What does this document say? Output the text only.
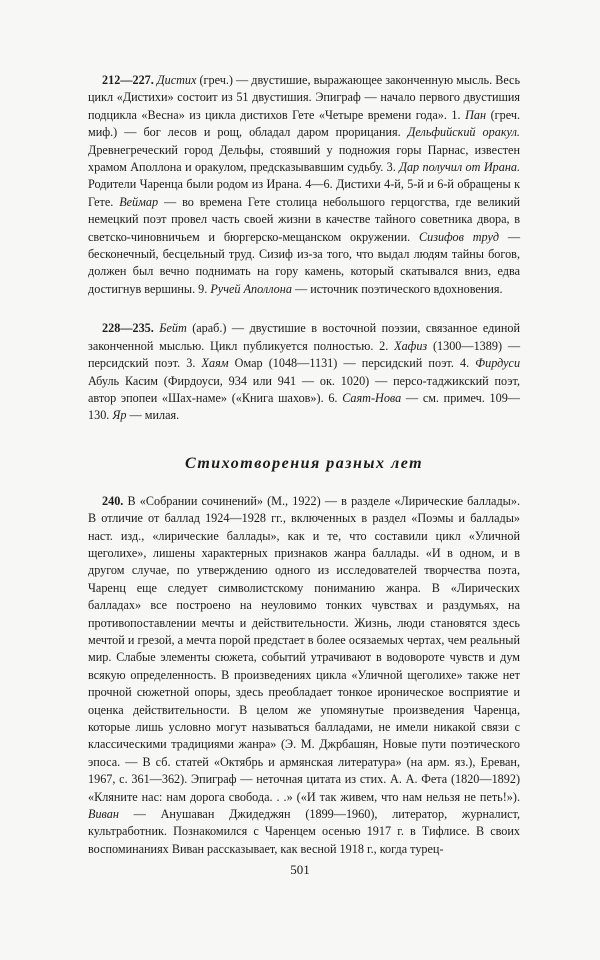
212—227. Дистих (греч.) — двустишие, выражающее законченную мысль. Весь цикл «Дистихи» состоит из 51 двустишия. Эпиграф — начало первого двустишия подцикла «Весна» из цикла дистихов Гете «Четыре времени года». 1. Пан (греч. миф.) — бог лесов и рощ, обладал даром прорицания. Дельфийский оракул. Древнегреческий город Дельфы, стоявший у подножия горы Парнас, известен храмом Аполлона и оракулом, предсказывавшим судьбу. 3. Дар получил от Ирана. Родители Чаренца были родом из Ирана. 4—6. Дистихи 4-й, 5-й и 6-й обращены к Гете. Веймар — во времена Гете столица небольшого герцогства, где великий немецкий поэт провел часть своей жизни в качестве тайного советника двора, в светско-чиновничьем и бюргерско-мещанском окружении. Сизифов труд — бесконечный, бесцельный труд. Сизиф из-за того, что выдал людям тайны богов, должен был вечно поднимать на гору камень, который скатывался вниз, едва достигнув вершины. 9. Ручей Аполлона — источник поэтического вдохновения.

228—235. Бейт (араб.) — двустишие в восточной поэзии, связанное единой законченной мыслью. Цикл публикуется полностью. 2. Хафиз (1300—1389) — персидский поэт. 3. Хаям Омар (1048—1131) — персидский поэт. 4. Фирдуси Абуль Касим (Фирдоуси, 934 или 941 — ок. 1020) — персо-таджикский поэт, автор эпопеи «Шах-наме» («Книга шахов»). 6. Саят-Нова — см. примеч. 109—130. Яр — милая.

Стихотворения разных лет

240. В «Собрании сочинений» (М., 1922) — в разделе «Лирические баллады». В отличие от баллад 1924—1928 гг., включенных в раздел «Поэмы и баллады» наст. изд., «лирические баллады», как и те, что составили цикл «Уличной щеголихе», лишены характерных признаков жанра баллады. «И в одном, и в другом случае, по утверждению одного из исследователей творчества поэта, Чаренц еще следует символистскому пониманию жанра. В «Лирических балладах» все построено на неуловимо тонких чувствах и раздумьях, на противопоставлении мечты и действительности. Жизнь, люди становятся здесь мечтой и грезой, а мечта порой предстает в более осязаемых чертах, чем реальный мир. Слабые элементы сюжета, событий утрачивают в водовороте чувств и дум всякую определенность. В произведениях цикла «Уличной щеголихе» также нет прочной сюжетной опоры, здесь преобладает тонкое ироническое восприятие и оценка действительности. В целом же упомянутые произведения Чаренца, которые лишь условно могут называться балладами, не имели никакой связи с классическими традициями жанра» (Э. М. Джрбашян, Новые пути поэтического эпоса. — В сб. статей «Октябрь и армянская литература» (на арм. яз.), Ереван, 1967, с. 361—362). Эпиграф — неточная цитата из стих. А. А. Фета (1820—1892) «Кляните нас: нам дорога свобода. . .» («И так живем, что нам нельзя не петь!»). Виван — Анушаван Джидеджян (1899—1960), литератор, журналист, культработник. Познакомился с Чаренцем осенью 1917 г. в Тифлисе. В своих воспоминаниях Виван рассказывает, как весной 1918 г., когда турец-

501
